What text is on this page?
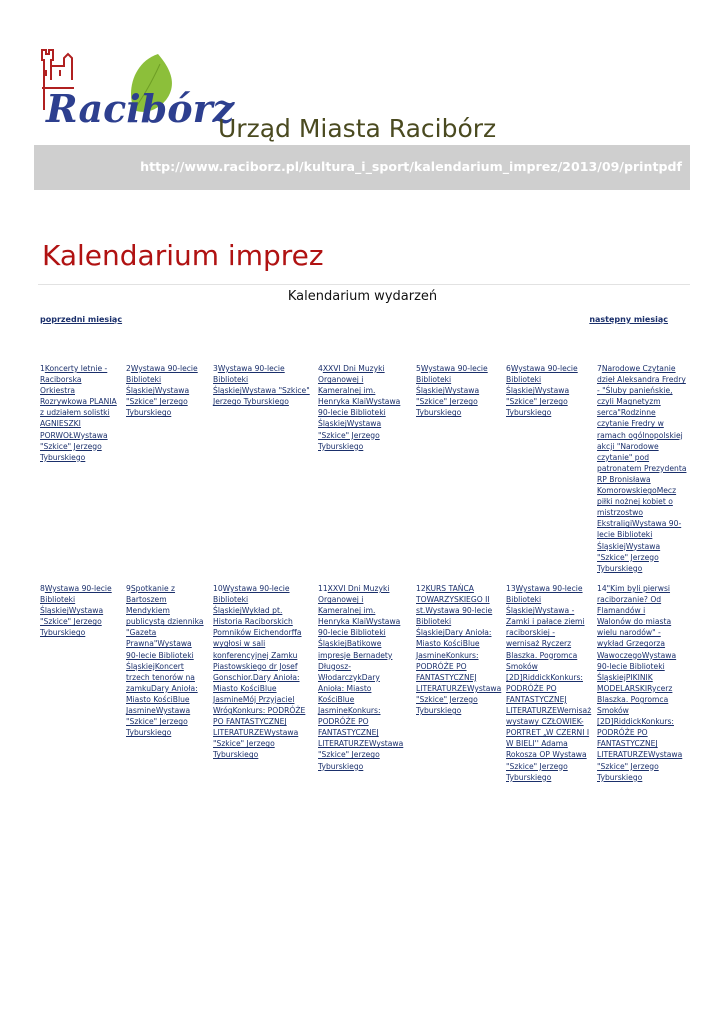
Racibórz
Urząd Miasta Racibórz
http://www.raciborz.pl/kultura_i_sport/kalendarium_imprez/2013/09/printpdf
Kalendarium imprez
Kalendarium wydarzeń
poprzedni miesiąc	następny miesiąc
1Koncerty letnie - Raciborska Orkiestra Rozrywkowa PLANIA z udziałem solistki AGNIESZKI PORWOŁWystawa "Szkice" Jerzego Tyburskiego
2Wystawa 90-lecie Biblioteki ŚląskiejWystawa "Szkice" Jerzego Tyburskiego
3Wystawa 90-lecie Biblioteki ŚląskiejWystawa "Szkice" Jerzego Tyburskiego
4XXVI Dni Muzyki Organowej i Kameralnej im. Henryka KlaiWystawa 90-lecie Biblioteki ŚląskiejWystawa "Szkice" Jerzego Tyburskiego
5Wystawa 90-lecie Biblioteki ŚląskiejWystawa "Szkice" Jerzego Tyburskiego
6Wystawa 90-lecie Biblioteki ŚląskiejWystawa "Szkice" Jerzego Tyburskiego
7Narodowe Czytanie dzieł Aleksandra Fredry - "Śluby panieńskie, czyli Magnetyzm serca"Rodzinne czytanie Fredry w ramach ogólnopolskiej akcji "Narodowe czytanie" pod patronatem Prezydenta RP Bronisława KomorowskiegoMecz piłki nożnej kobiet o mistrzostwo EkstraligiWystawa 90-lecie Biblioteki ŚląskiejWystawa "Szkice" Jerzego Tyburskiego
8Wystawa 90-lecie Biblioteki ŚląskiejWystawa "Szkice" Jerzego Tyburskiego
9Spotkanie z Bartoszem Mendykiem publicystą dziennika "Gazeta Prawna"Wystawa 90-lecie Biblioteki ŚląskiejKoncert trzech tenorów na zamkuDary Anioła: Miasto KościBlue JasmineWystawa "Szkice" Jerzego Tyburskiego
10Wystawa 90-lecie Biblioteki ŚląskiejWykład pt. Historia Raciborskich Pomników Eichendorffa wygłosi w sali konferencyjnej Zamku Piastowskiego dr Josef Gonschior.Dary Anioła: Miasto KościBlue JasmineMój Przyjaciel WrógKonkurs: PODRÓŻE PO FANTASTYCZNEJ LITERATURZEWystawa "Szkice" Jerzego Tyburskiego
11XXVI Dni Muzyki Organowej i Kameralnej im. Henryka KlaiWystawa 90-lecie Biblioteki ŚląskiejBatikowe impresje Bernadety Długosz-WłodarczykDary Anioła: Miasto KościBlue JasmineKonkurs: PODRÓŻE PO FANTASTYCZNEJ LITERATURZEWystawa "Szkice" Jerzego Tyburskiego
12KURS TAŃCA TOWARZYSKIEGO II st.Wystawa 90-lecie Biblioteki ŚląskiejDary Anioła: Miasto KościBlue JasmineKonkurs: PODRÓŻE PO FANTASTYCZNEJ LITERATURZEWystawa "Szkice" Jerzego Tyburskiego
13Wystawa 90-lecie Biblioteki ŚląskiejWystawa - Zamki i pałace ziemi raciborskiej - wernisaż Ryczerz Blaszka. Pogromca Smoków [2D]RiddickKonkurs: PODRÓŻE PO FANTASTYCZNEJ LITERATURZEWernisaż wystawy CZŁOWIEK-PORTRET „W CZERNI I W BIELI'' Adama Rokosza OP Wystawa "Szkice" Jerzego Tyburskiego
14"Kim byli pierwsi raciborzanie? Od Flamandów i Walonów do miasta wielu narodów" - wykład Grzegorza WawoczegoWystawa 90-lecie Biblioteki ŚląskiejPIKINIK MODELARSKIRycerz Blaszka. Pogromca Smoków [2D]RiddickKonkurs: PODRÓŻE PO FANTASTYCZNEJ LITERATURZEWystawa "Szkice" Jerzego Tyburskiego
